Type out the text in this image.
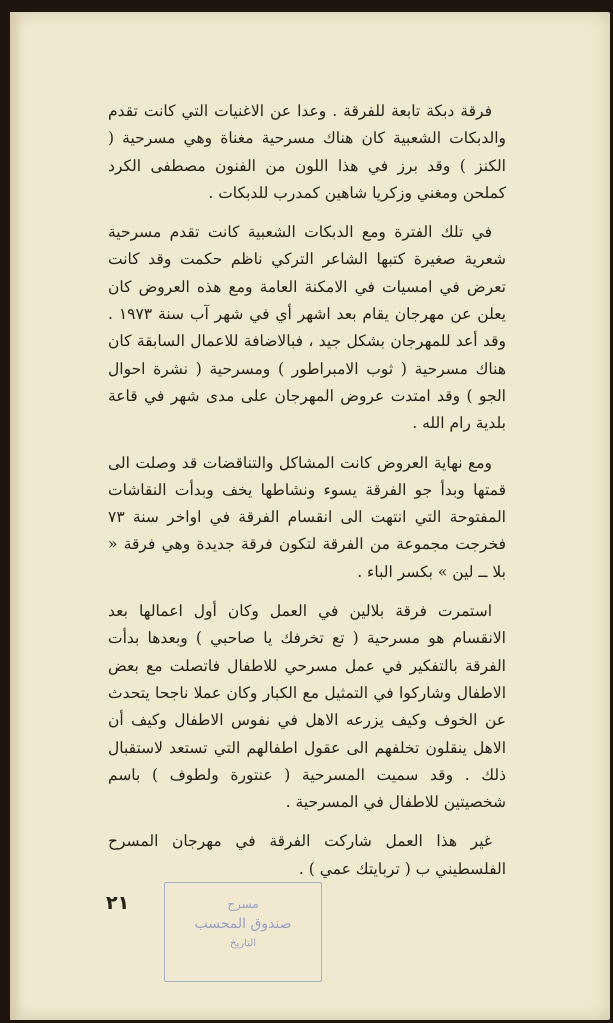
فرقة دبكة تابعة للفرقة . وعدا عن الاغنيات التي كانت تقدم والدبكات الشعبية كان هناك مسرحية مغناة وهي مسرحية ( الكنز ) وقد برز في هذا اللون من الفنون مصطفى الكرد كملحن ومغني وزكريا شاهين كمدرب للدبكات .

في تلك الفترة ومع الدبكات الشعبية كانت تقدم مسرحية شعرية صغيرة كتبها الشاعر التركي ناظم حكمت وقد كانت تعرض في امسيات في الامكنة العامة ومع هذه العروض كان يعلن عن مهرجان يقام بعد اشهر أي في شهر آب سنة ١٩٧٣ . وقد أعد للمهرجان بشكل جيد ، فبالاضافة للاعمال السابقة كان هناك مسرحية ( ثوب الامبراطور ) ومسرحية ( نشرة احوال الجو ) وقد امتدت عروض المهرجان على مدى شهر في قاعة بلدية رام الله .

ومع نهاية العروض كانت المشاكل والتناقضات قد وصلت الى قمتها وبدأ جو الفرقة يسوء ونشاطها يخف وبدأت النقاشات المفتوحة التي انتهت الى انقسام الفرقة في اواخر سنة ٧٣ فخرجت مجموعة من الفرقة لتكون فرقة جديدة وهي فرقة « بلا ــ لين » بكسر الباء .

استمرت فرقة بلالين في العمل وكان أول اعمالها بعد الانقسام هو مسرحية ( تع تخرفك يا صاحبي ) وبعدها بدأت الفرقة بالتفكير في عمل مسرحي للاطفال فاتصلت مع بعض الاطفال وشاركوا في التمثيل مع الكبار وكان عملا ناجحا يتحدث عن الخوف وكيف يزرعه الاهل في نفوس الاطفال وكيف أن الاهل ينقلون تخلفهم الى عقول اطفالهم التي تستعد لاستقبال ذلك . وقد سميت المسرحية ( عنتورة ولطوف ) باسم شخصيتين للاطفال في المسرحية .

غير هذا العمل شاركت الفرقة في مهرجان المسرح الفلسطيني ب ( تربايتك عمي ) .

٢١	مسرح
صندوق المحسب
التاريخ
